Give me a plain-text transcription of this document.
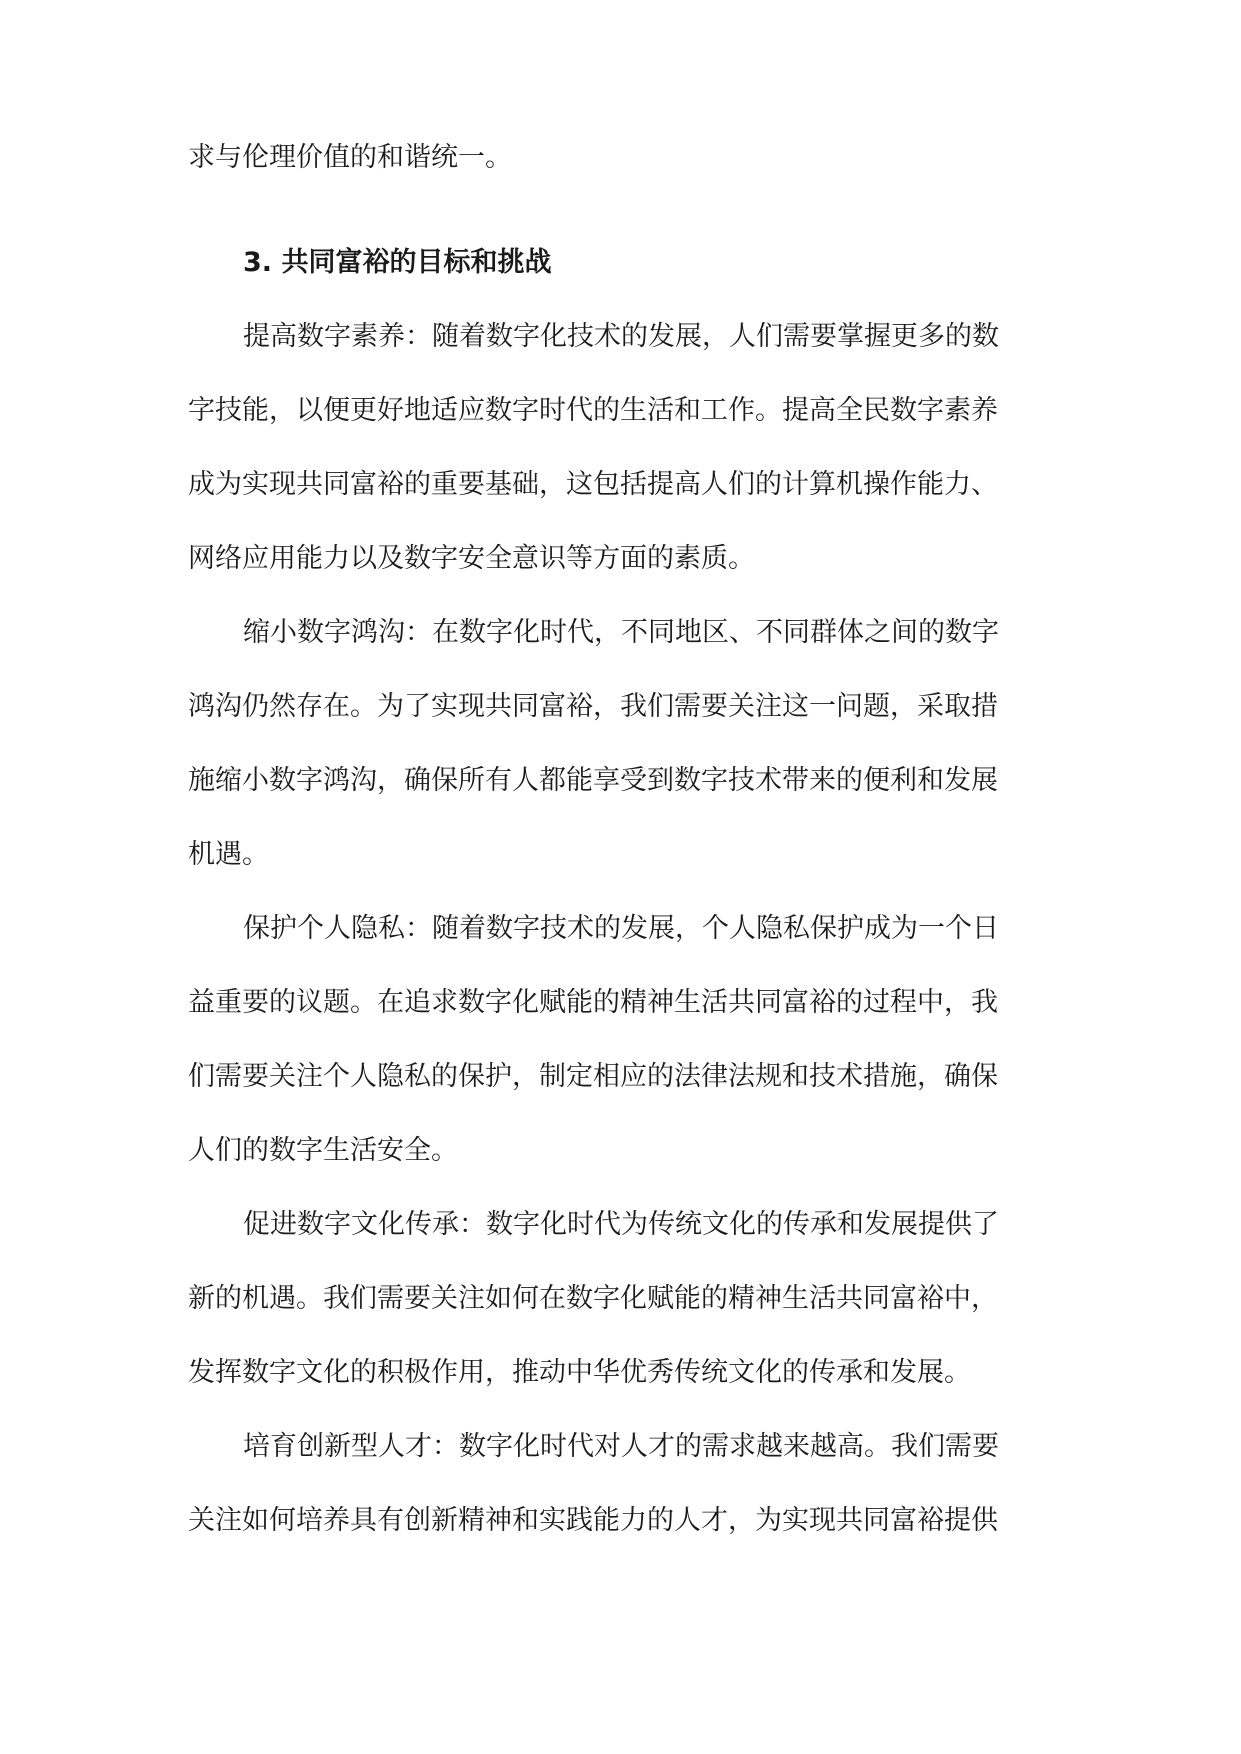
求与伦理价值的和谐统一。
3. 共同富裕的目标和挑战
提高数字素养：随着数字化技术的发展，人们需要掌握更多的数
字技能，以便更好地适应数字时代的生活和工作。提高全民数字素养
成为实现共同富裕的重要基础，这包括提高人们的计算机操作能力、
网络应用能力以及数字安全意识等方面的素质。
缩小数字鸿沟：在数字化时代，不同地区、不同群体之间的数字
鸿沟仍然存在。为了实现共同富裕，我们需要关注这一问题，采取措
施缩小数字鸿沟，确保所有人都能享受到数字技术带来的便利和发展
机遇。
保护个人隐私：随着数字技术的发展，个人隐私保护成为一个日
益重要的议题。在追求数字化赋能的精神生活共同富裕的过程中，我
们需要关注个人隐私的保护，制定相应的法律法规和技术措施，确保
人们的数字生活安全。
促进数字文化传承：数字化时代为传统文化的传承和发展提供了
新的机遇。我们需要关注如何在数字化赋能的精神生活共同富裕中，
发挥数字文化的积极作用，推动中华优秀传统文化的传承和发展。
培育创新型人才：数字化时代对人才的需求越来越高。我们需要
关注如何培养具有创新精神和实践能力的人才，为实现共同富裕提供
